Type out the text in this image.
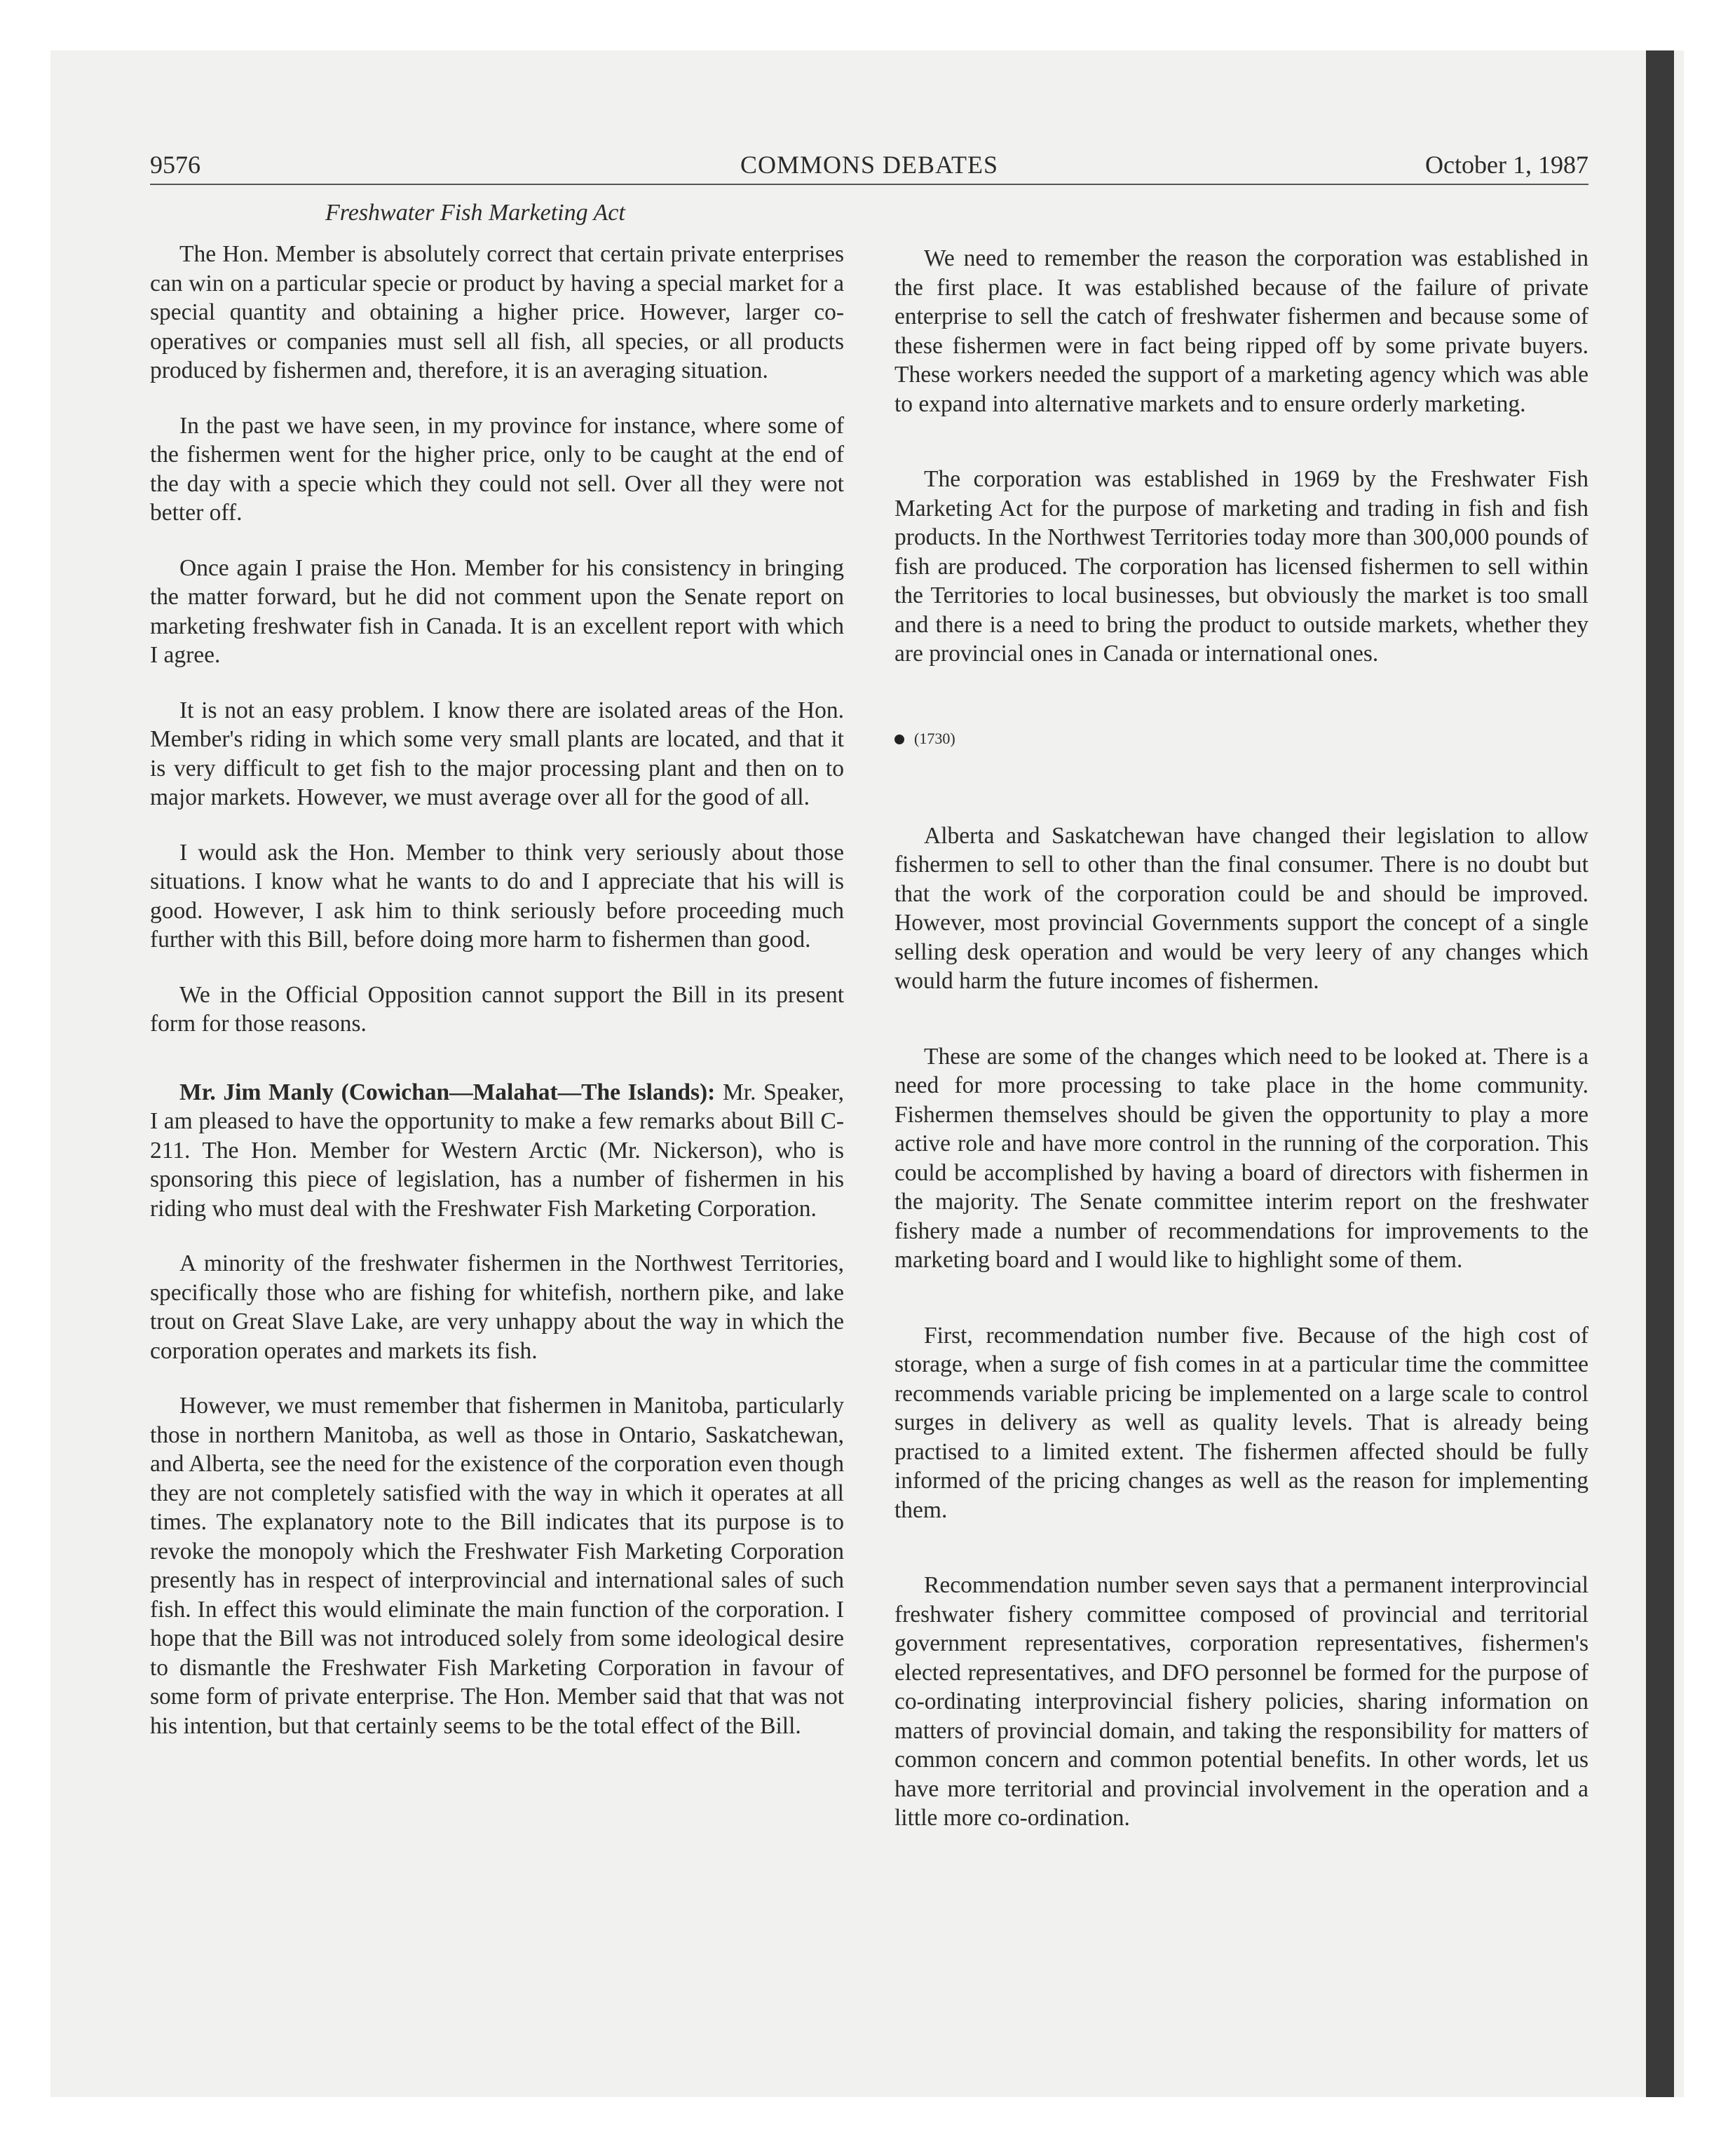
9576	COMMONS DEBATES	October 1, 1987
Freshwater Fish Marketing Act

The Hon. Member is absolutely correct that certain private enterprises can win on a particular specie or product by having a special market for a special quantity and obtaining a higher price. However, larger co-operatives or companies must sell all fish, all species, or all products produced by fishermen and, therefore, it is an averaging situation.

In the past we have seen, in my province for instance, where some of the fishermen went for the higher price, only to be caught at the end of the day with a specie which they could not sell. Over all they were not better off.

Once again I praise the Hon. Member for his consistency in bringing the matter forward, but he did not comment upon the Senate report on marketing freshwater fish in Canada. It is an excellent report with which I agree.

It is not an easy problem. I know there are isolated areas of the Hon. Member's riding in which some very small plants are located, and that it is very difficult to get fish to the major processing plant and then on to major markets. However, we must average over all for the good of all.

I would ask the Hon. Member to think very seriously about those situations. I know what he wants to do and I appreciate that his will is good. However, I ask him to think seriously before proceeding much further with this Bill, before doing more harm to fishermen than good.

We in the Official Opposition cannot support the Bill in its present form for those reasons.

Mr. Jim Manly (Cowichan—Malahat—The Islands): Mr. Speaker, I am pleased to have the opportunity to make a few remarks about Bill C-211. The Hon. Member for Western Arctic (Mr. Nickerson), who is sponsoring this piece of legislation, has a number of fishermen in his riding who must deal with the Freshwater Fish Marketing Corporation.

A minority of the freshwater fishermen in the Northwest Territories, specifically those who are fishing for whitefish, northern pike, and lake trout on Great Slave Lake, are very unhappy about the way in which the corporation operates and markets its fish.

However, we must remember that fishermen in Manitoba, particularly those in northern Manitoba, as well as those in Ontario, Saskatchewan, and Alberta, see the need for the existence of the corporation even though they are not completely satisfied with the way in which it operates at all times. The explanatory note to the Bill indicates that its purpose is to revoke the monopoly which the Freshwater Fish Marketing Corporation presently has in respect of interprovincial and international sales of such fish. In effect this would eliminate the main function of the corporation. I hope that the Bill was not introduced solely from some ideological desire to dismantle the Freshwater Fish Marketing Corporation in favour of some form of private enterprise. The Hon. Member said that that was not his intention, but that certainly seems to be the total effect of the Bill.

We need to remember the reason the corporation was established in the first place. It was established because of the failure of private enterprise to sell the catch of freshwater fishermen and because some of these fishermen were in fact being ripped off by some private buyers. These workers needed the support of a marketing agency which was able to expand into alternative markets and to ensure orderly marketing.

The corporation was established in 1969 by the Freshwater Fish Marketing Act for the purpose of marketing and trading in fish and fish products. In the Northwest Territories today more than 300,000 pounds of fish are produced. The corporation has licensed fishermen to sell within the Territories to local businesses, but obviously the market is too small and there is a need to bring the product to outside markets, whether they are provincial ones in Canada or international ones.

(1730)

Alberta and Saskatchewan have changed their legislation to allow fishermen to sell to other than the final consumer. There is no doubt but that the work of the corporation could be and should be improved. However, most provincial Governments support the concept of a single selling desk operation and would be very leery of any changes which would harm the future incomes of fishermen.

These are some of the changes which need to be looked at. There is a need for more processing to take place in the home community. Fishermen themselves should be given the opportunity to play a more active role and have more control in the running of the corporation. This could be accomplished by having a board of directors with fishermen in the majority. The Senate committee interim report on the freshwater fishery made a number of recommendations for improvements to the marketing board and I would like to highlight some of them.

First, recommendation number five. Because of the high cost of storage, when a surge of fish comes in at a particular time the committee recommends variable pricing be implemented on a large scale to control surges in delivery as well as quality levels. That is already being practised to a limited extent. The fishermen affected should be fully informed of the pricing changes as well as the reason for implementing them.

Recommendation number seven says that a permanent interprovincial freshwater fishery committee composed of provincial and territorial government representatives, corporation representatives, fishermen's elected representatives, and DFO personnel be formed for the purpose of co-ordinating interprovincial fishery policies, sharing information on matters of provincial domain, and taking the responsibility for matters of common concern and common potential benefits. In other words, let us have more territorial and provincial involvement in the operation and a little more co-ordination.
